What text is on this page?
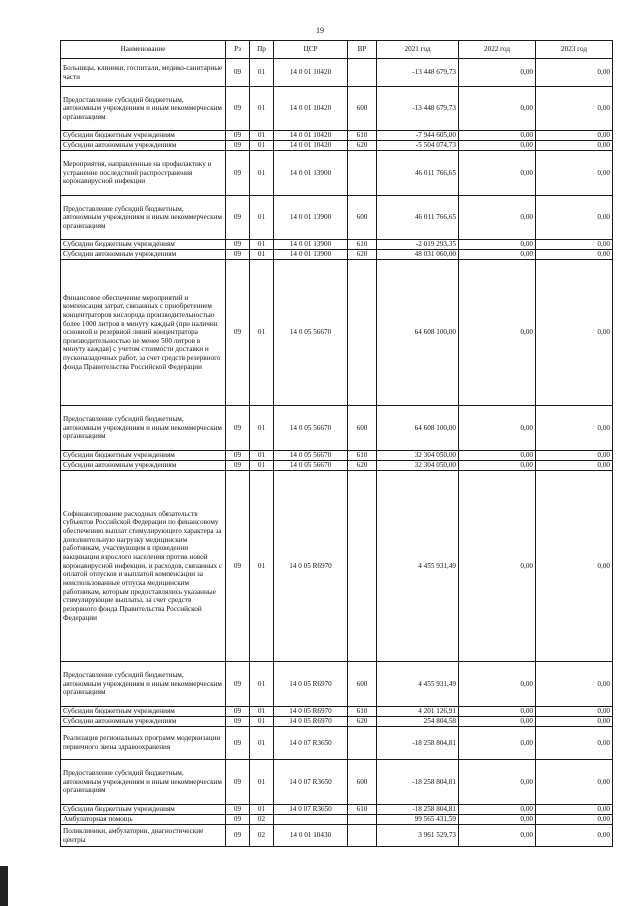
19
Наименование	Рз	Пр	ЦСР	ВР	2021 год	2022 год	2023 год
Больницы, клиники, госпитали, медико-санитарные части	09	01	14 0 01 10420		-13 448 679,73	0,00	0,00
Предоставление субсидий бюджетным, автономным учреждениям и иным некоммерческим организациям	09	01	14 0 01 10420	600	-13 448 679,73	0,00	0,00
Субсидии бюджетным учреждениям	09	01	14 0 01 10420	610	-7 944 605,00	0,00	0,00
Субсидии автономным учреждениям	09	01	14 0 01 10420	620	-5 504 074,73	0,00	0,00
Мероприятия, направленные на профилактику и устранение последствий распространения коронавирусной инфекции	09	01	14 0 01 13900		46 011 766,65	0,00	0,00
Предоставление субсидий бюджетным, автономным учреждениям и иным некоммерческим организациям	09	01	14 0 01 13900	600	46 011 766,65	0,00	0,00
Субсидии бюджетным учреждениям	09	01	14 0 01 13900	610	-2 019 293,35	0,00	0,00
Субсидии автономным учреждениям	09	01	14 0 01 13900	620	48 031 060,00	0,00	0,00
Финансовое обеспечение мероприятий и компенсация затрат, связанных с приобретением концентраторов кислорода производительностью более 1000 литров в минуту каждый (при наличии основной и резервной линий концентратора производительностью не менее 500 литров в минуту каждая) с учетом стоимости доставки и пусконаладочных работ, за счет средств резервного фонда Правительства Российской Федерации	09	01	14 0 05 56670		64 608 100,00	0,00	0,00
Предоставление субсидий бюджетным, автономным учреждениям и иным некоммерческим организациям	09	01	14 0 05 56670	600	64 608 100,00	0,00	0,00
Субсидии бюджетным учреждениям	09	01	14 0 05 56670	610	32 304 050,00	0,00	0,00
Субсидии автономным учреждениям	09	01	14 0 05 56670	620	32 304 050,00	0,00	0,00
Софинансирование расходных обязательств субъектов Российской Федерации по финансовому обеспечению выплат стимулирующего характера за дополнительную нагрузку медицинским работникам, участвующим в проведении вакцинации взрослого населения против новой коронавирусной инфекции, и расходов, связанных с оплатой отпусков и выплатой компенсации за неиспользованные отпуска медицинским работникам, которым предоставлялись указанные стимулирующие выплаты, за счет средств резервного фонда Правительства Российской Федерации	09	01	14 0 05 R6970		4 455 931,49	0,00	0,00
Предоставление субсидий бюджетным, автономным учреждениям и иным некоммерческим организациям	09	01	14 0 05 R6970	600	4 455 931,49	0,00	0,00
Субсидии бюджетным учреждениям	09	01	14 0 05 R6970	610	4 201 126,91	0,00	0,00
Субсидии автономным учреждениям	09	01	14 0 05 R6970	620	254 804,58	0,00	0,00
Реализация региональных программ модернизации первичного звена здравоохранения	09	01	14 0 07 R3650		-18 258 804,81	0,00	0,00
Предоставление субсидий бюджетным, автономным учреждениям и иным некоммерческим организациям	09	01	14 0 07 R3650	600	-18 258 804,81	0,00	0,00
Субсидии бюджетным учреждениям	09	01	14 0 07 R3650	610	-18 258 804,81	0,00	0,00
Амбулаторная помощь	09	02			99 565 431,59	0,00	0,00
Поликлиники, амбулатории, диагностические центры	09	02	14 0 01 10430		3 961 529,73	0,00	0,00
